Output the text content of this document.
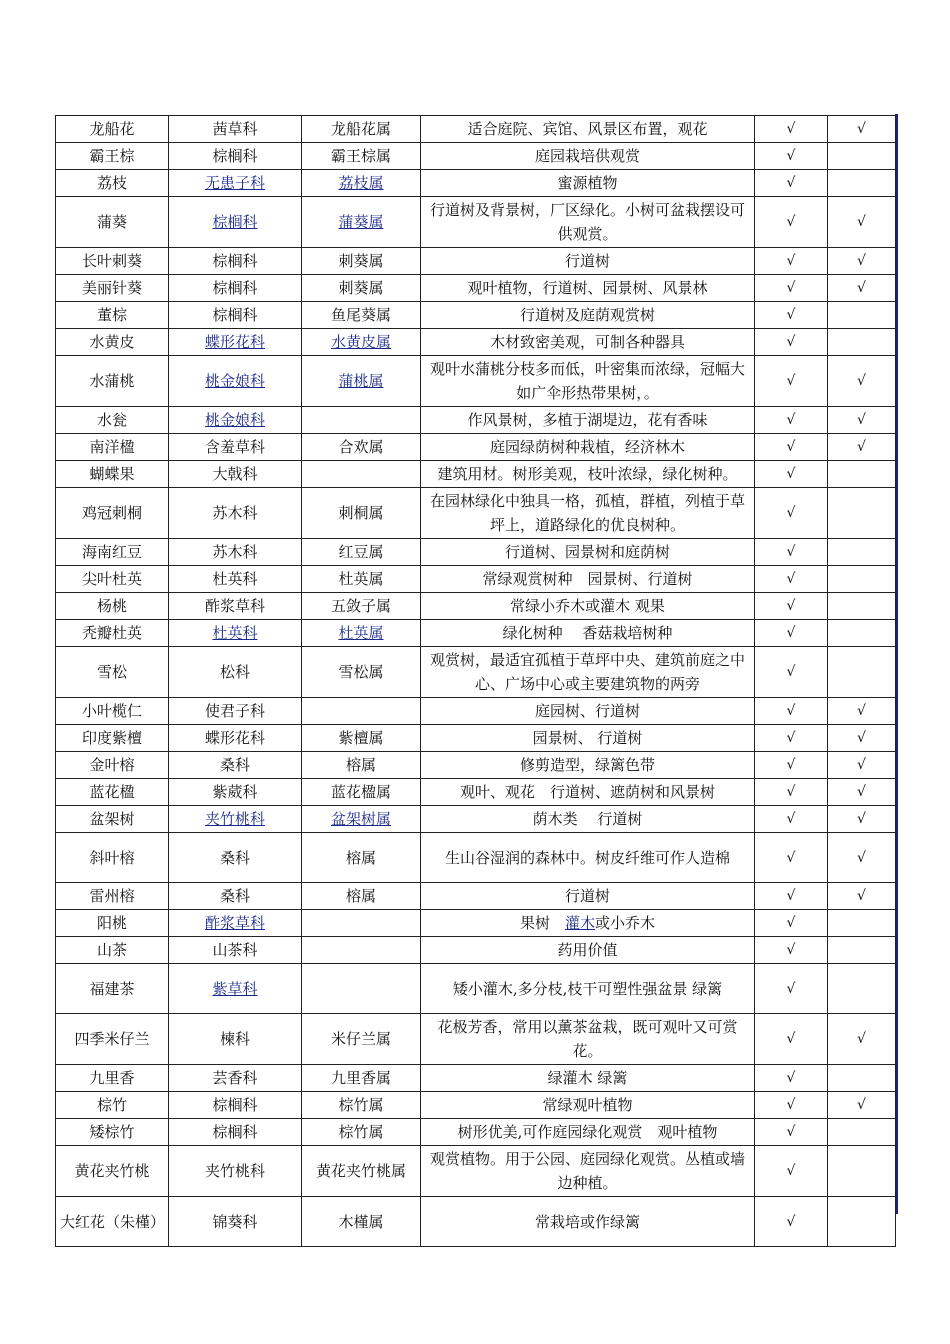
龙船花	茜草科	龙船花属	适合庭院、宾馆、风景区布置，观花	√	√
霸王棕	棕榈科	霸王棕属	庭园栽培供观赏	√	
荔枝	无患子科	荔枝属	蜜源植物	√	
蒲葵	棕榈科	蒲葵属	行道树及背景树，厂区绿化。小树可盆栽摆设可供观赏。	√	√
长叶刺葵	棕榈科	刺葵属	行道树	√	√
美丽针葵	棕榈科	刺葵属	观叶植物，行道树、园景树、风景林	√	√
董棕	棕榈科	鱼尾葵属	行道树及庭荫观赏树	√	
水黄皮	蝶形花科	水黄皮属	木材致密美观，可制各种器具	√	
水蒲桃	桃金娘科	蒲桃属	观叶水蒲桃分枝多而低，叶密集而浓绿，冠幅大如广伞形热带果树，。	√	√
水瓮	桃金娘科		作风景树，多植于湖堤边，花有香味	√	√
南洋楹	含羞草科	合欢属	庭园绿荫树种栽植，经济林木	√	√
蝴蝶果	大戟科		建筑用材。树形美观，枝叶浓绿，绿化树种。	√	
鸡冠刺桐	苏木科	刺桐属	在园林绿化中独具一格，孤植，群植，列植于草坪上，道路绿化的优良树种。	√	
海南红豆	苏木科	红豆属	行道树、园景树和庭荫树	√	
尖叶杜英	杜英科	杜英属	常绿观赏树种　园景树、行道树	√	
杨桃	酢浆草科	五敛子属	常绿小乔木或灌木 观果	√	
秃瓣杜英	杜英科	杜英属	绿化树种　 香菇栽培树种	√	
雪松	松科	雪松属	观赏树，最适宜孤植于草坪中央、建筑前庭之中心、广场中心或主要建筑物的两旁	√	
小叶榄仁	使君子科		庭园树、行道树	√	√
印度紫檀	蝶形花科	紫檀属	园景树、 行道树	√	√
金叶榕	桑科	榕属	修剪造型，绿篱色带	√	√
蓝花楹	紫葳科	蓝花楹属	观叶、观花　行道树、遮荫树和风景树	√	√
盆架树	夹竹桃科	盆架树属	荫木类　 行道树	√	√
斜叶榕	桑科	榕属	生山谷湿润的森林中。树皮纤维可作人造棉	√	√
雷州榕	桑科	榕属	行道树	√	√
阳桃	酢浆草科		果树　灌木或小乔木	√	
山茶	山茶科		药用价值	√	
福建茶	紫草科		矮小灌木,多分枝,枝干可塑性强盆景 绿篱	√	
四季米仔兰	楝科	米仔兰属	花极芳香，常用以薰茶盆栽，既可观叶又可赏花。	√	√
九里香	芸香科	九里香属	绿灌木 绿篱	√	
棕竹	棕榈科	棕竹属	常绿观叶植物	√	√
矮棕竹	棕榈科	棕竹属	树形优美,可作庭园绿化观赏　观叶植物	√	
黄花夹竹桃	夹竹桃科	黄花夹竹桃属	观赏植物。用于公园、庭园绿化观赏。丛植或墙边种植。	√	
大红花（朱槿）	锦葵科	木槿属	常栽培或作绿篱	√	
